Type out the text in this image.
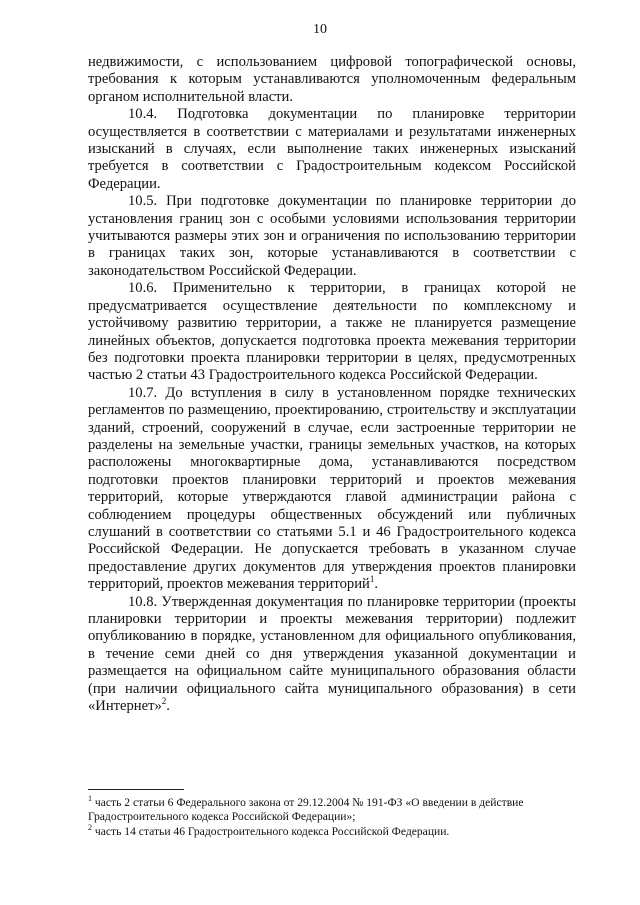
10

недвижимости, с использованием цифровой топографической основы, требования к которым устанавливаются уполномоченным федеральным органом исполнительной власти.

10.4. Подготовка документации по планировке территории осуществляется в соответствии с материалами и результатами инженерных изысканий в случаях, если выполнение таких инженерных изысканий требуется в соответствии с Градостроительным кодексом Российской Федерации.

10.5. При подготовке документации по планировке территории до установления границ зон с особыми условиями использования территории учитываются размеры этих зон и ограничения по использованию территории в границах таких зон, которые устанавливаются в соответствии с законодательством Российской Федерации.

10.6. Применительно к территории, в границах которой не предусматривается осуществление деятельности по комплексному и устойчивому развитию территории, а также не планируется размещение линейных объектов, допускается подготовка проекта межевания территории без подготовки проекта планировки территории в целях, предусмотренных частью 2 статьи 43 Градостроительного кодекса Российской Федерации.

10.7. До вступления в силу в установленном порядке технических регламентов по размещению, проектированию, строительству и эксплуатации зданий, строений, сооружений в случае, если застроенные территории не разделены на земельные участки, границы земельных участков, на которых расположены многоквартирные дома, устанавливаются посредством подготовки проектов планировки территорий и проектов межевания территорий, которые утверждаются главой администрации района с соблюдением процедуры общественных обсуждений или публичных слушаний в соответствии со статьями 5.1 и 46 Градостроительного кодекса Российской Федерации. Не допускается требовать в указанном случае предоставление других документов для утверждения проектов планировки территорий, проектов межевания территорий$^1$.

10.8. Утвержденная документация по планировке территории (проекты планировки территории и проекты межевания территории) подлежит опубликованию в порядке, установленном для официального опубликования, в течение семи дней со дня утверждения указанной документации и размещается на официальном сайте муниципального образования области (при наличии официального сайта муниципального образования) в сети «Интернет»$^2$.

$^1$ часть 2 статьи 6 Федерального закона от 29.12.2004 № 191-ФЗ «О введении в действие Градостроительного кодекса Российской Федерации»;

$^2$ часть 14 статьи 46 Градостроительного кодекса Российской Федерации.
